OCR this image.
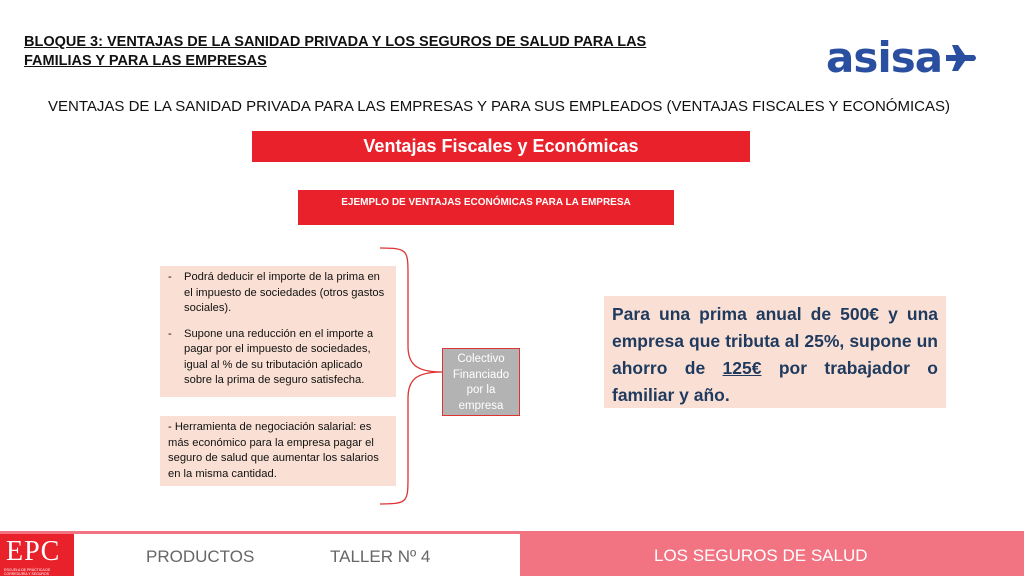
BLOQUE 3: VENTAJAS DE LA SANIDAD PRIVADA Y LOS SEGUROS DE SALUD PARA LAS FAMILIAS Y PARA LAS EMPRESAS	asisa
VENTAJAS DE LA SANIDAD PRIVADA PARA LAS EMPRESAS Y PARA SUS EMPLEADOS (VENTAJAS FISCALES Y ECONÓMICAS)
Ventajas Fiscales y Económicas
EJEMPLO DE VENTAJAS ECONÓMICAS PARA LA EMPRESA
-	Podrá deducir el importe de la prima en el impuesto de sociedades (otros gastos sociales).
-	Supone una reducción en el importe a pagar por el impuesto de sociedades, igual al % de su tributación aplicado sobre la prima de seguro satisfecha.
- Herramienta de negociación salarial: es más económico para la empresa pagar el seguro de salud que aumentar los salarios en la misma cantidad.
Colectivo Financiado por la empresa
Para una prima anual de 500€ y una empresa que tributa al 25%, supone un ahorro de 125€ por trabajador o familiar y año.
EPC
ESCUELA DE PRÁCTICA DE CORREDURÍA Y SEGUROS
PRODUCTOS	TALLER Nº 4	LOS SEGUROS DE SALUD
